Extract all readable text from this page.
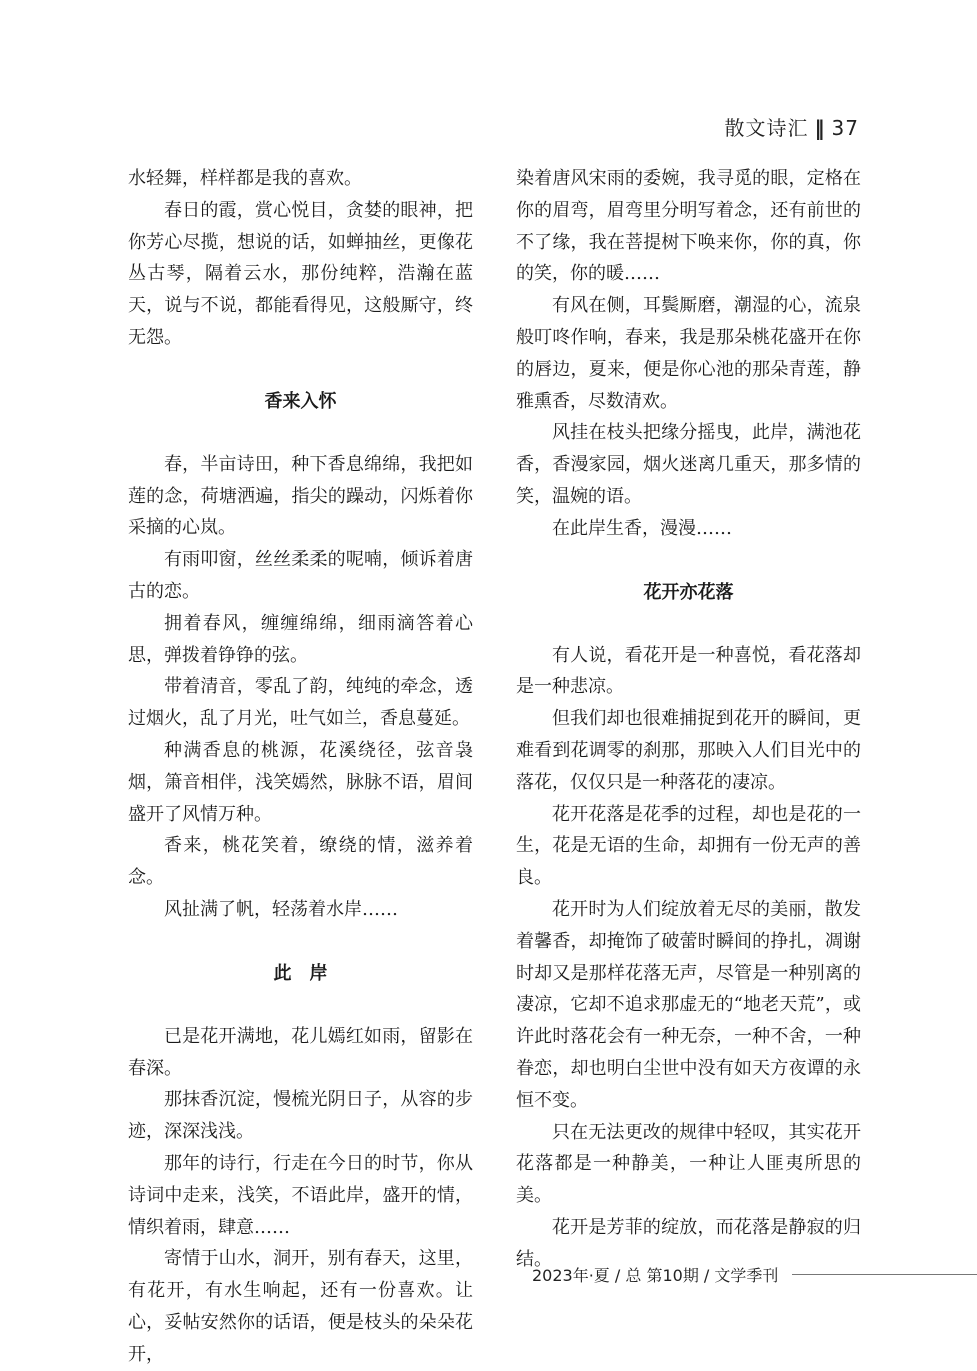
散文诗汇 ‖ 37

水轻舞，样样都是我的喜欢。

春日的霞，赏心悦目，贪婪的眼神，把你芳心尽揽，想说的话，如蝉抽丝，更像花丛古琴，隔着云水，那份纯粹，浩瀚在蓝天，说与不说，都能看得见，这般厮守，终无怨。

香来入怀

春，半亩诗田，种下香息绵绵，我把如莲的念，荷塘洒遍，指尖的躁动，闪烁着你采摘的心岚。

有雨叩窗，丝丝柔柔的呢喃，倾诉着唐古的恋。

拥着春风，缠缠绵绵，细雨滴答着心思，弹拨着铮铮的弦。

带着清音，零乱了韵，纯纯的牵念，透过烟火，乱了月光，吐气如兰，香息蔓延。

种满香息的桃源，花溪绕径，弦音袅烟，箫音相伴，浅笑嫣然，脉脉不语，眉间盛开了风情万种。

香来，桃花笑着，缭绕的情，滋养着念。

风扯满了帆，轻荡着水岸……

此　岸

已是花开满地，花儿嫣红如雨，留影在春深。

那抹香沉淀，慢梳光阴日子，从容的步迹，深深浅浅。

那年的诗行，行走在今日的时节，你从诗词中走来，浅笑，不语此岸，盛开的情，情织着雨，肆意……

寄情于山水，洞开，别有春天，这里，有花开，有水生响起，还有一份喜欢。让心，妥帖安然你的话语，便是枝头的朵朵花开，

染着唐风宋雨的委婉，我寻觅的眼，定格在你的眉弯，眉弯里分明写着念，还有前世的不了缘，我在菩提树下唤来你，你的真，你的笑，你的暖……

有风在侧，耳鬓厮磨，潮湿的心，流泉般叮咚作响，春来，我是那朵桃花盛开在你的唇边，夏来，便是你心池的那朵青莲，静雅熏香，尽数清欢。

风挂在枝头把缘分摇曳，此岸，满池花香，香漫家园，烟火迷离几重天，那多情的笑，温婉的语。

在此岸生香，漫漫……

花开亦花落

有人说，看花开是一种喜悦，看花落却是一种悲凉。

但我们却也很难捕捉到花开的瞬间，更难看到花调零的刹那，那映入人们目光中的落花，仅仅只是一种落花的凄凉。

花开花落是花季的过程，却也是花的一生，花是无语的生命，却拥有一份无声的善良。

花开时为人们绽放着无尽的美丽，散发着馨香，却掩饰了破蕾时瞬间的挣扎，凋谢时却又是那样花落无声，尽管是一种别离的凄凉，它却不追求那虚无的“地老天荒”，或许此时落花会有一种无奈，一种不舍，一种眷恋，却也明白尘世中没有如天方夜谭的永恒不变。

只在无法更改的规律中轻叹，其实花开花落都是一种静美，一种让人匪夷所思的美。

花开是芳菲的绽放，而花落是静寂的归结。

2023年·夏 / 总 第10期 / 文学季刊
